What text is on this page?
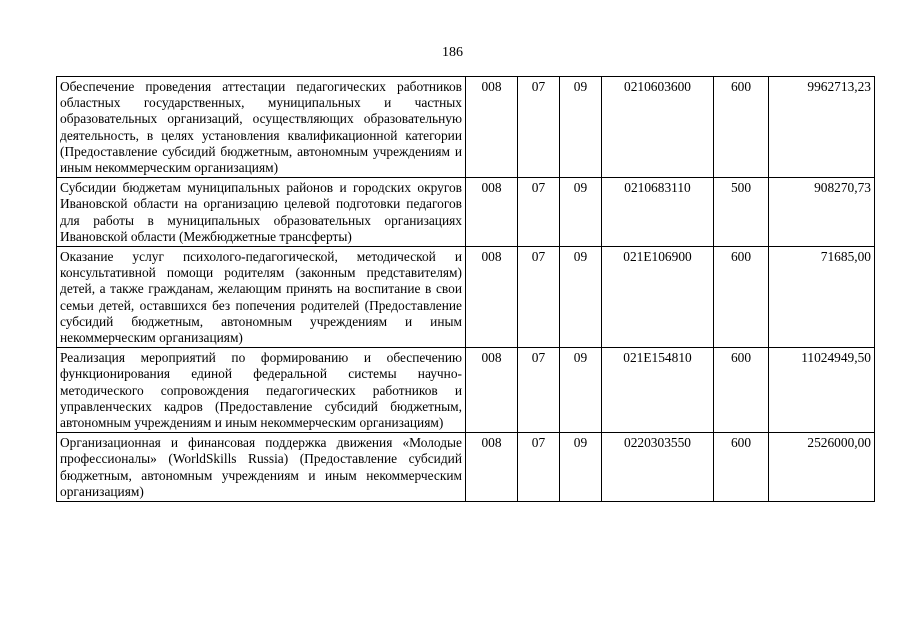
186
Обеспечение проведения аттестации педагогических работников областных государственных, муниципальных и частных образовательных организаций, осуществляющих образовательную деятельность, в целях установления квалификационной категории (Предоставление субсидий бюджетным, автономным учреждениям и иным некоммерческим организациям)	008	07	09	0210603600	600	9962713,23
Субсидии бюджетам муниципальных районов и городских округов Ивановской области на организацию целевой подготовки педагогов для работы в муниципальных образовательных организациях Ивановской области (Межбюджетные трансферты)	008	07	09	0210683110	500	908270,73
Оказание услуг психолого-педагогической, методической и консультативной помощи родителям (законным представителям) детей, а также гражданам, желающим принять на воспитание в свои семьи детей, оставшихся без попечения родителей (Предоставление субсидий бюджетным, автономным учреждениям и иным некоммерческим организациям)	008	07	09	021E106900	600	71685,00
Реализация мероприятий по формированию и обеспечению функционирования единой федеральной системы научно-методического сопровождения педагогических работников и управленческих кадров (Предоставление субсидий бюджетным, автономным учреждениям и иным некоммерческим организациям)	008	07	09	021E154810	600	11024949,50
Организационная и финансовая поддержка движения «Молодые профессионалы» (WorldSkills Russia) (Предоставление субсидий бюджетным, автономным учреждениям и иным некоммерческим организациям)	008	07	09	0220303550	600	2526000,00
